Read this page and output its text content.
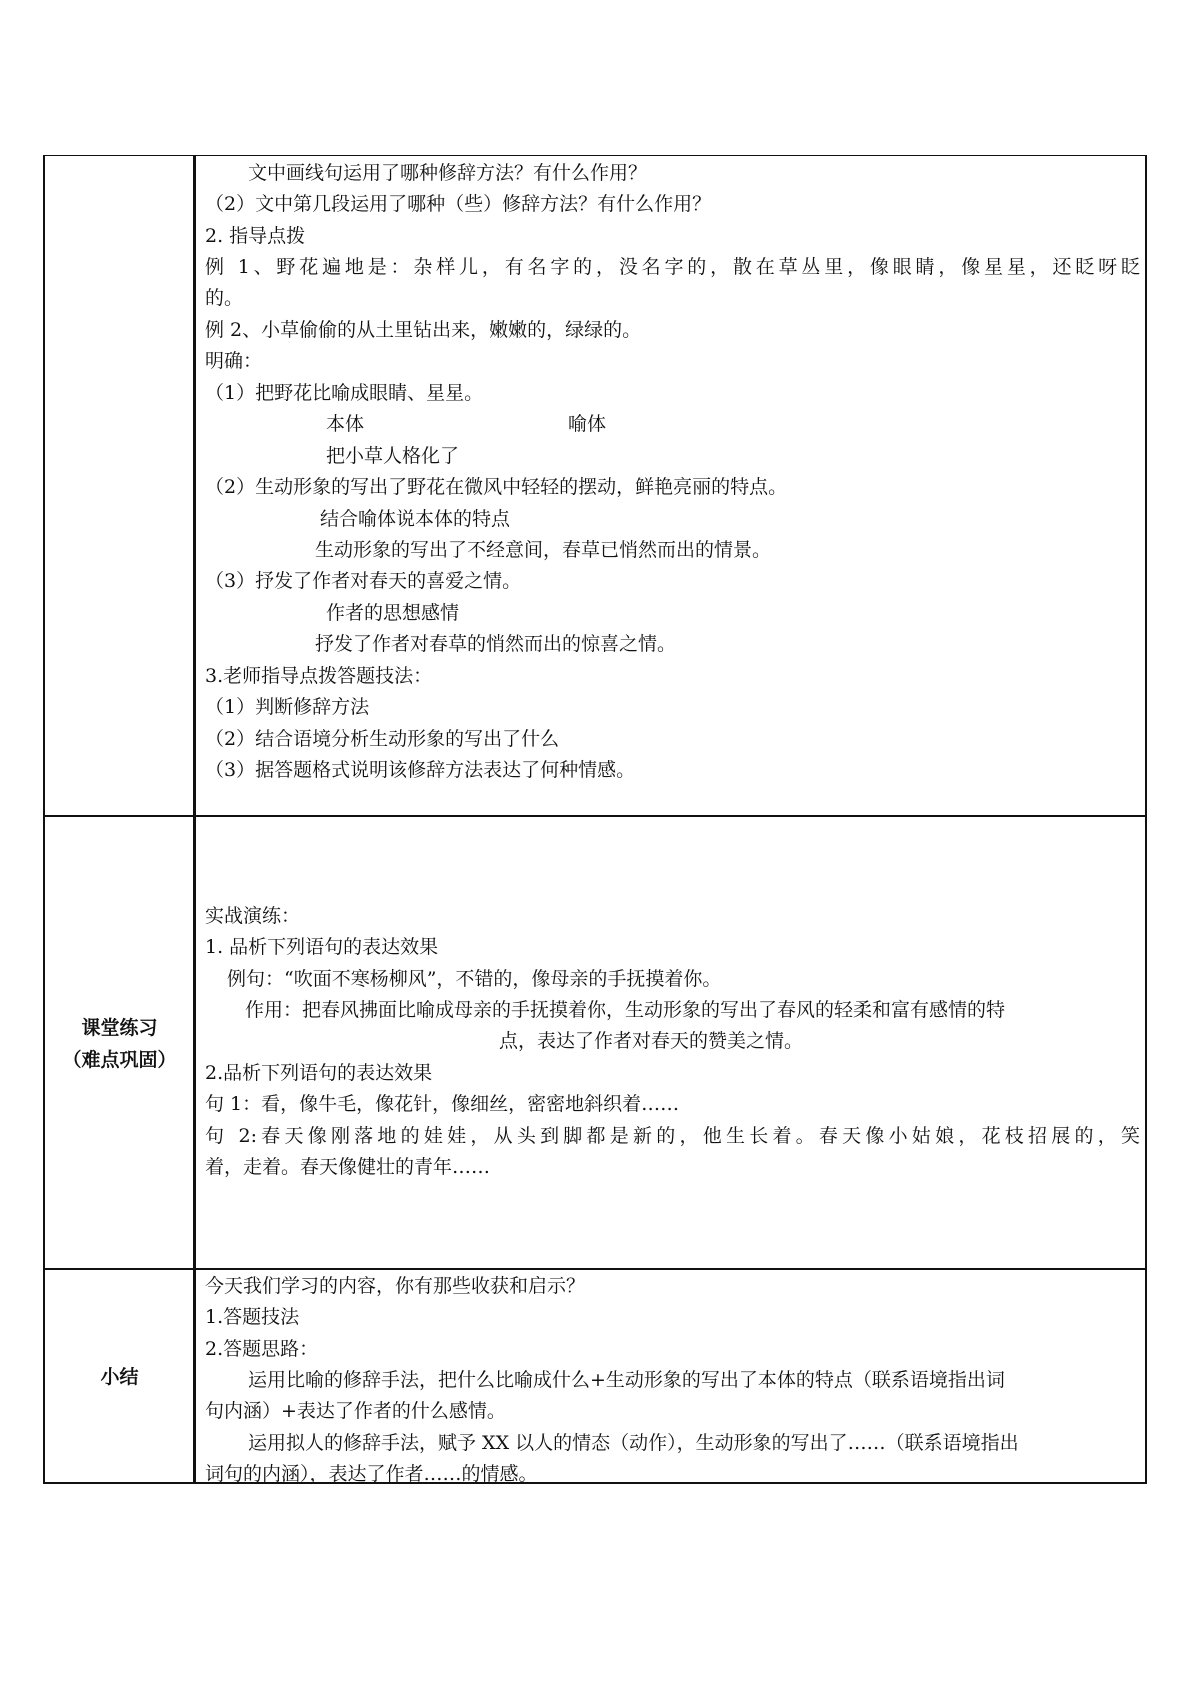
文中画线句运用了哪种修辞方法？有什么作用？
（2）文中第几段运用了哪种（些）修辞方法？有什么作用？
2. 指导点拨
例 1、野花遍地是：杂样儿，有名字的，没名字的，散在草丛里，像眼睛，像星星，还眨呀眨
的。
例 2、小草偷偷的从土里钻出来，嫩嫩的，绿绿的。
明确：
（1）把野花比喻成眼睛、星星。
本体	喻体
把小草人格化了
（2）生动形象的写出了野花在微风中轻轻的摆动，鲜艳亮丽的特点。
结合喻体说本体的特点
生动形象的写出了不经意间，春草已悄然而出的情景。
（3）抒发了作者对春天的喜爱之情。
作者的思想感情
抒发了作者对春草的悄然而出的惊喜之情。
3.老师指导点拨答题技法：
（1）判断修辞方法
（2）结合语境分析生动形象的写出了什么
（3）据答题格式说明该修辞方法表达了何种情感。
课堂练习
（难点巩固）
实战演练：
1. 品析下列语句的表达效果
例句：“吹面不寒杨柳风”，不错的，像母亲的手抚摸着你。
作用：把春风拂面比喻成母亲的手抚摸着你，生动形象的写出了春风的轻柔和富有感情的特
点，表达了作者对春天的赞美之情。
2.品析下列语句的表达效果
句 1：看，像牛毛，像花针，像细丝，密密地斜织着……
句 2:春天像刚落地的娃娃，从头到脚都是新的，他生长着。春天像小姑娘，花枝招展的，笑
着，走着。春天像健壮的青年……
小结
今天我们学习的内容，你有那些收获和启示？
1.答题技法
2.答题思路：
运用比喻的修辞手法，把什么比喻成什么+生动形象的写出了本体的特点（联系语境指出词
句内涵）+表达了作者的什么感情。
运用拟人的修辞手法，赋予 XX 以人的情态（动作），生动形象的写出了……（联系语境指出
词句的内涵），表达了作者……的情感。
